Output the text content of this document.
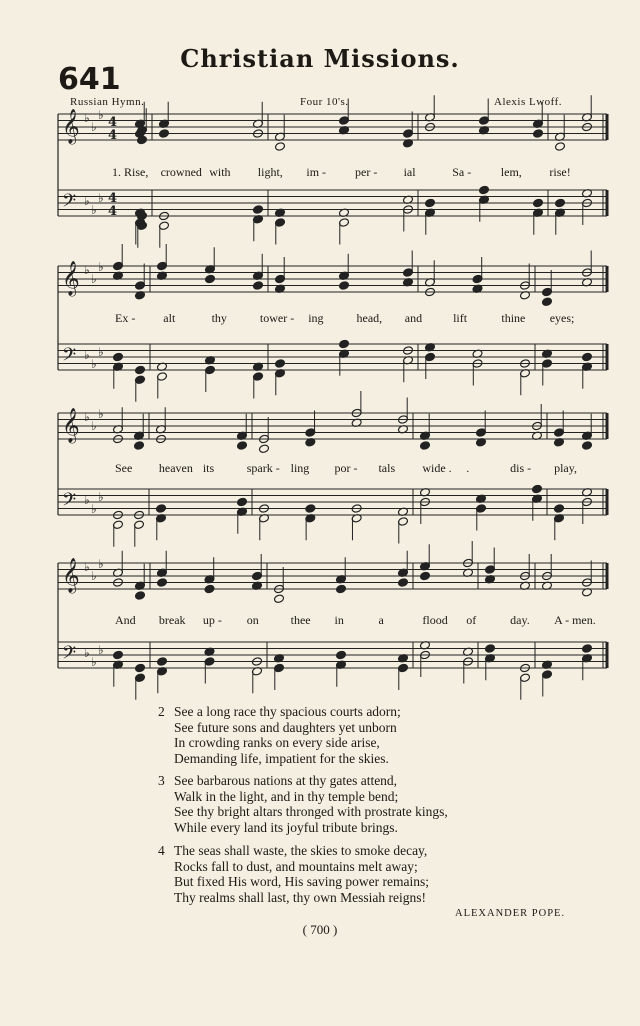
Christian Missions.
641
Russian Hymn.	Four 10's.	Alexis Lwoff.
𝄞 ♭
♭
♭ 4
4
𝄢 ♭
♭
♭ 4
4
𝄞 ♭
♭
♭
𝄢 ♭
♭
♭
𝄞 ♭
♭
♭
𝄢 ♭
♭
♭
𝄞 ♭
♭
♭
𝄢 ♭
♭
♭
1. Rise, crowned with light, im - per - ial	Sa - lem, rise!
Ex - alt	thy	tower - ing	head, and	lift	thine eyes;
See heaven its	spark - ling por - tals wide . .	dis - play,
And break up - on	thee in	a	flood of	day. A - men.
2 See a long race thy spacious courts adorn;
See future sons and daughters yet unborn
In crowding ranks on every side arise,
Demanding life, impatient for the skies.
3 See barbarous nations at thy gates attend,
Walk in the light, and in thy temple bend;
See thy bright altars thronged with prostrate kings,
While every land its joyful tribute brings.
4 The seas shall waste, the skies to smoke decay,
Rocks fall to dust, and mountains melt away;
But fixed His word, His saving power remains;
Thy realms shall last, thy own Messiah reigns!
ALEXANDER POPE.
( 700 )
